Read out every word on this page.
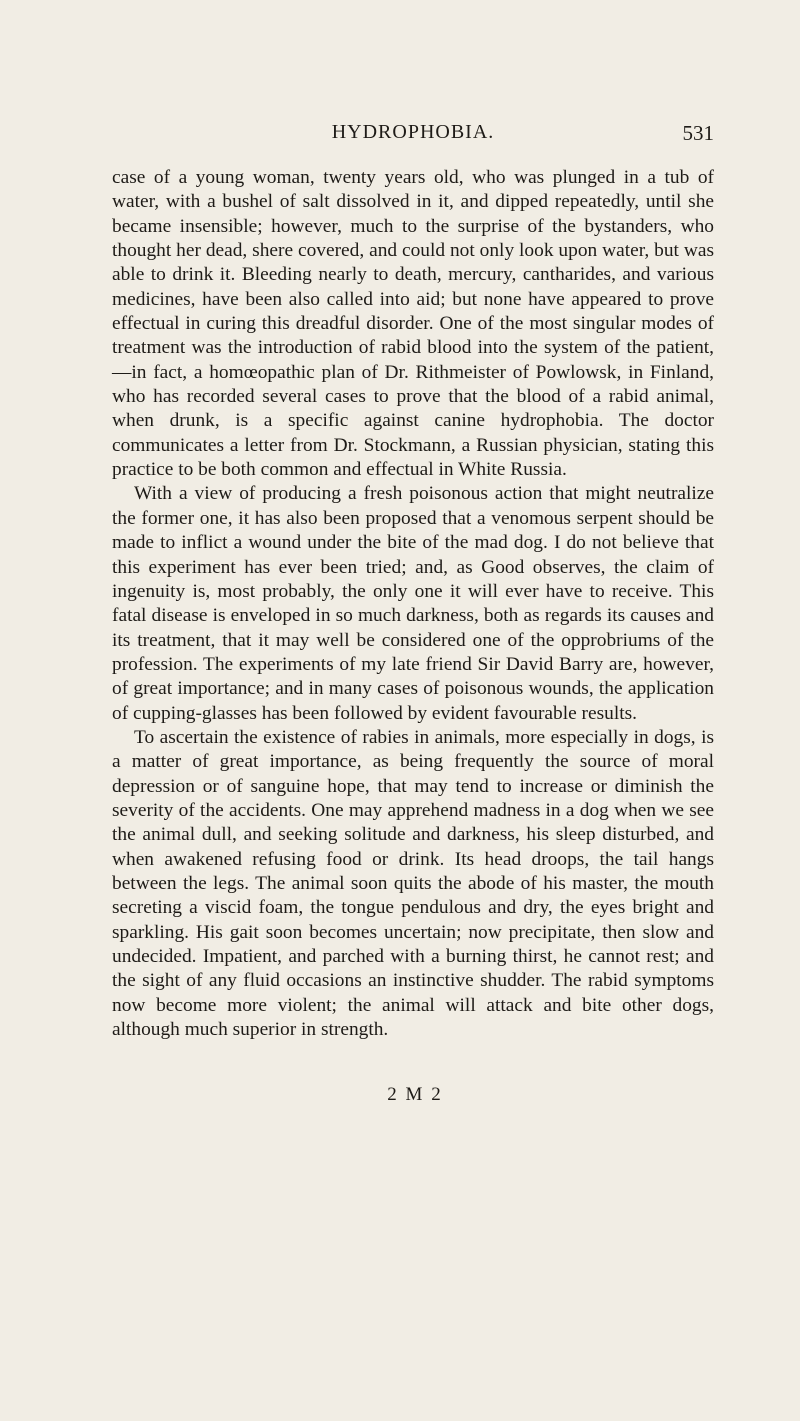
HYDROPHOBIA.	531

case of a young woman, twenty years old, who was plunged in a tub of water, with a bushel of salt dissolved in it, and dipped repeatedly, until she became insensible; however, much to the surprise of the bystanders, who thought her dead, shere covered, and could not only look upon water, but was able to drink it. Bleeding nearly to death, mercury, cantharides, and various medicines, have been also called into aid; but none have appeared to prove effectual in curing this dreadful disorder. One of the most singular modes of treatment was the introduction of rabid blood into the system of the patient,—in fact, a homœopathic plan of Dr. Rithmeister of Powlowsk, in Finland, who has recorded several cases to prove that the blood of a rabid animal, when drunk, is a specific against canine hydrophobia. The doctor communicates a letter from Dr. Stockmann, a Russian physician, stating this practice to be both common and effectual in White Russia.

With a view of producing a fresh poisonous action that might neutralize the former one, it has also been proposed that a venomous serpent should be made to inflict a wound under the bite of the mad dog. I do not believe that this experiment has ever been tried; and, as Good observes, the claim of ingenuity is, most probably, the only one it will ever have to receive. This fatal disease is enveloped in so much darkness, both as regards its causes and its treatment, that it may well be considered one of the opprobriums of the profession. The experiments of my late friend Sir David Barry are, however, of great importance; and in many cases of poisonous wounds, the application of cupping-glasses has been followed by evident favourable results.

To ascertain the existence of rabies in animals, more especially in dogs, is a matter of great importance, as being frequently the source of moral depression or of sanguine hope, that may tend to increase or diminish the severity of the accidents. One may apprehend madness in a dog when we see the animal dull, and seeking solitude and darkness, his sleep disturbed, and when awakened refusing food or drink. Its head droops, the tail hangs between the legs. The animal soon quits the abode of his master, the mouth secreting a viscid foam, the tongue pendulous and dry, the eyes bright and sparkling. His gait soon becomes uncertain; now precipitate, then slow and undecided. Impatient, and parched with a burning thirst, he cannot rest; and the sight of any fluid occasions an instinctive shudder. The rabid symptoms now become more violent; the animal will attack and bite other dogs, although much superior in strength.

2 M 2
